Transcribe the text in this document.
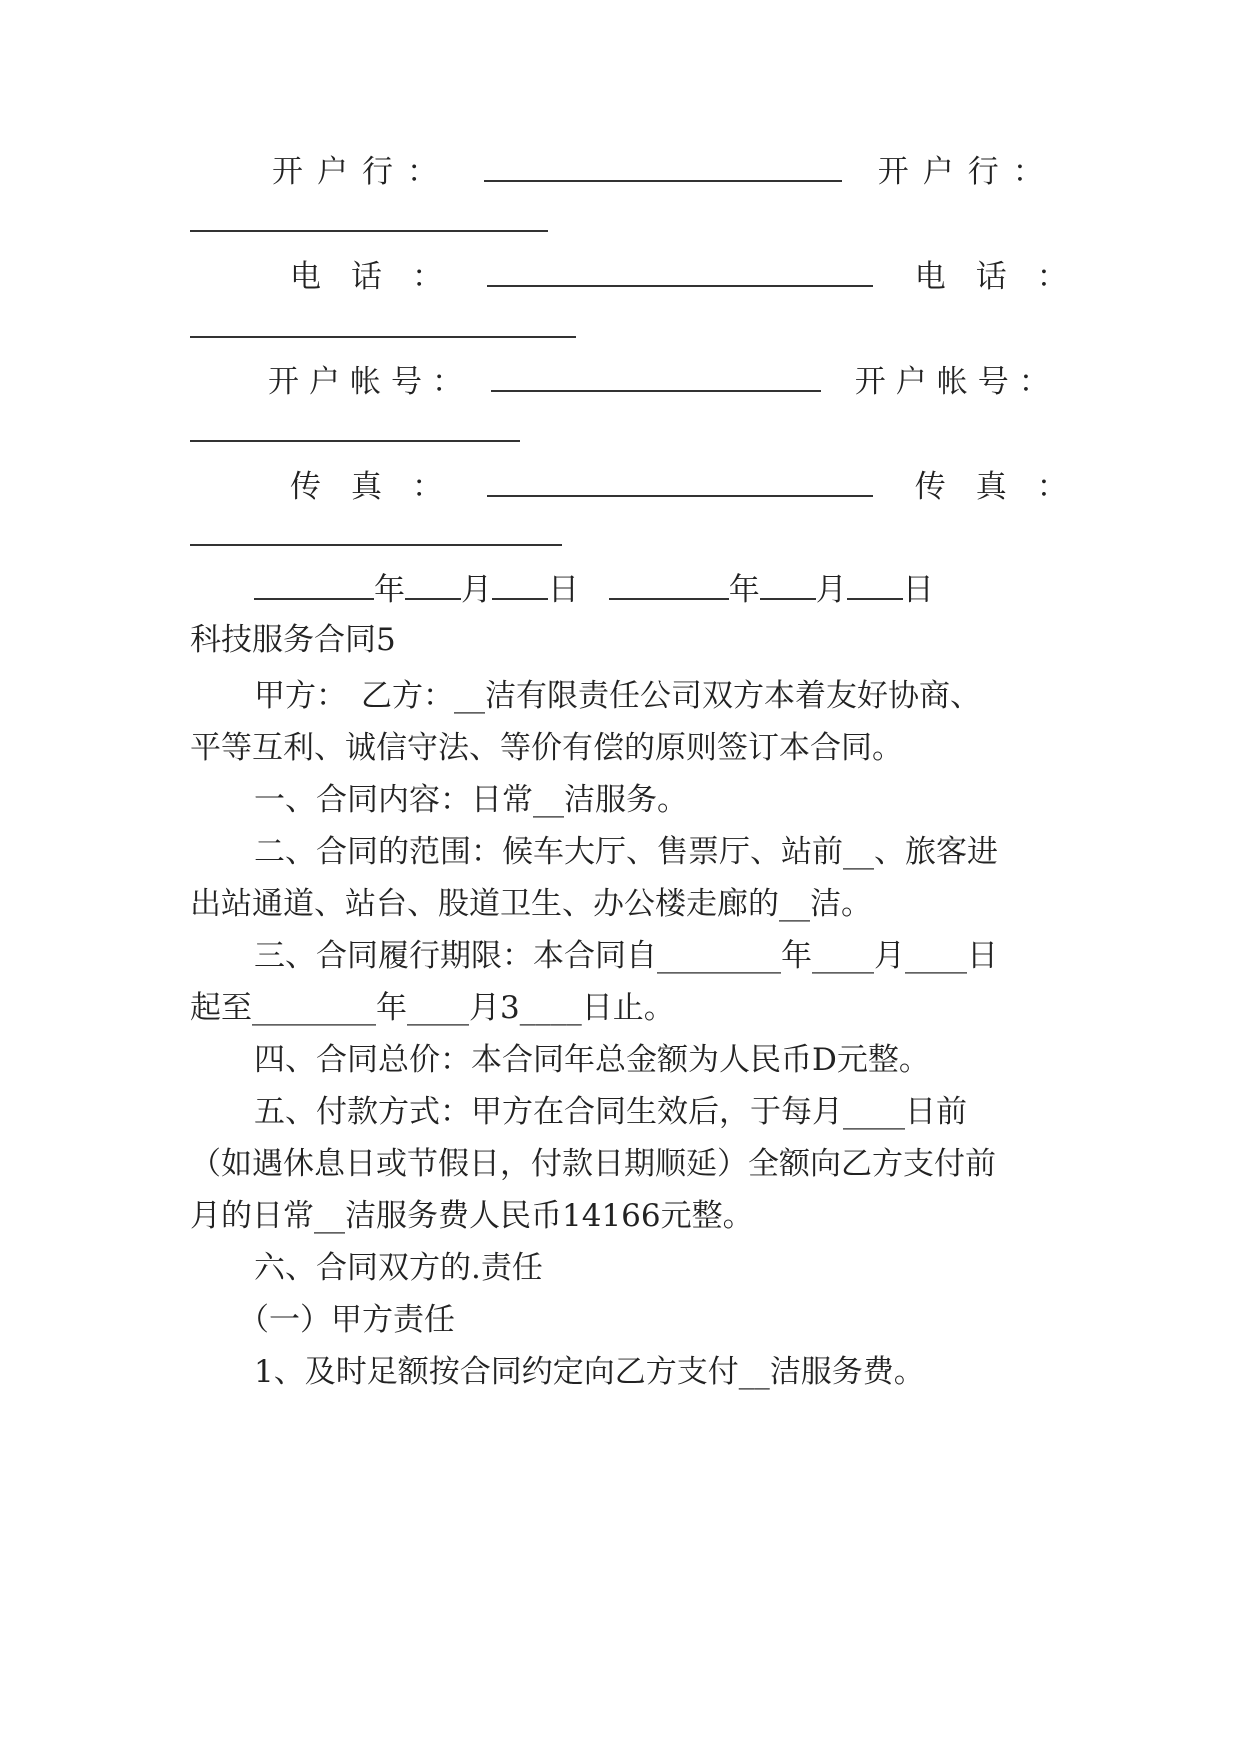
开户行：	开户行：
电话：	电话：
开户帐号：	开户帐号：
传真：	传真：
年 月 日	年 月 日
科技服务合同5
甲方： 乙方：__洁有限责任公司双方本着友好协商、
平等互利、诚信守法、等价有偿的原则签订本合同。
一、合同内容：日常__洁服务。
二、合同的范围：候车大厅、售票厅、站前__、旅客进
出站通道、站台、股道卫生、办公楼走廊的__洁。
三、合同履行期限：本合同自________年____月____日
起至________年____月3____日止。
四、合同总价：本合同年总金额为人民币D元整。
五、付款方式：甲方在合同生效后，于每月____日前
（如遇休息日或节假日，付款日期顺延）全额向乙方支付前
月的日常__洁服务费人民币14166元整。
六、合同双方的.责任
（一）甲方责任
1、及时足额按合同约定向乙方支付__洁服务费。
